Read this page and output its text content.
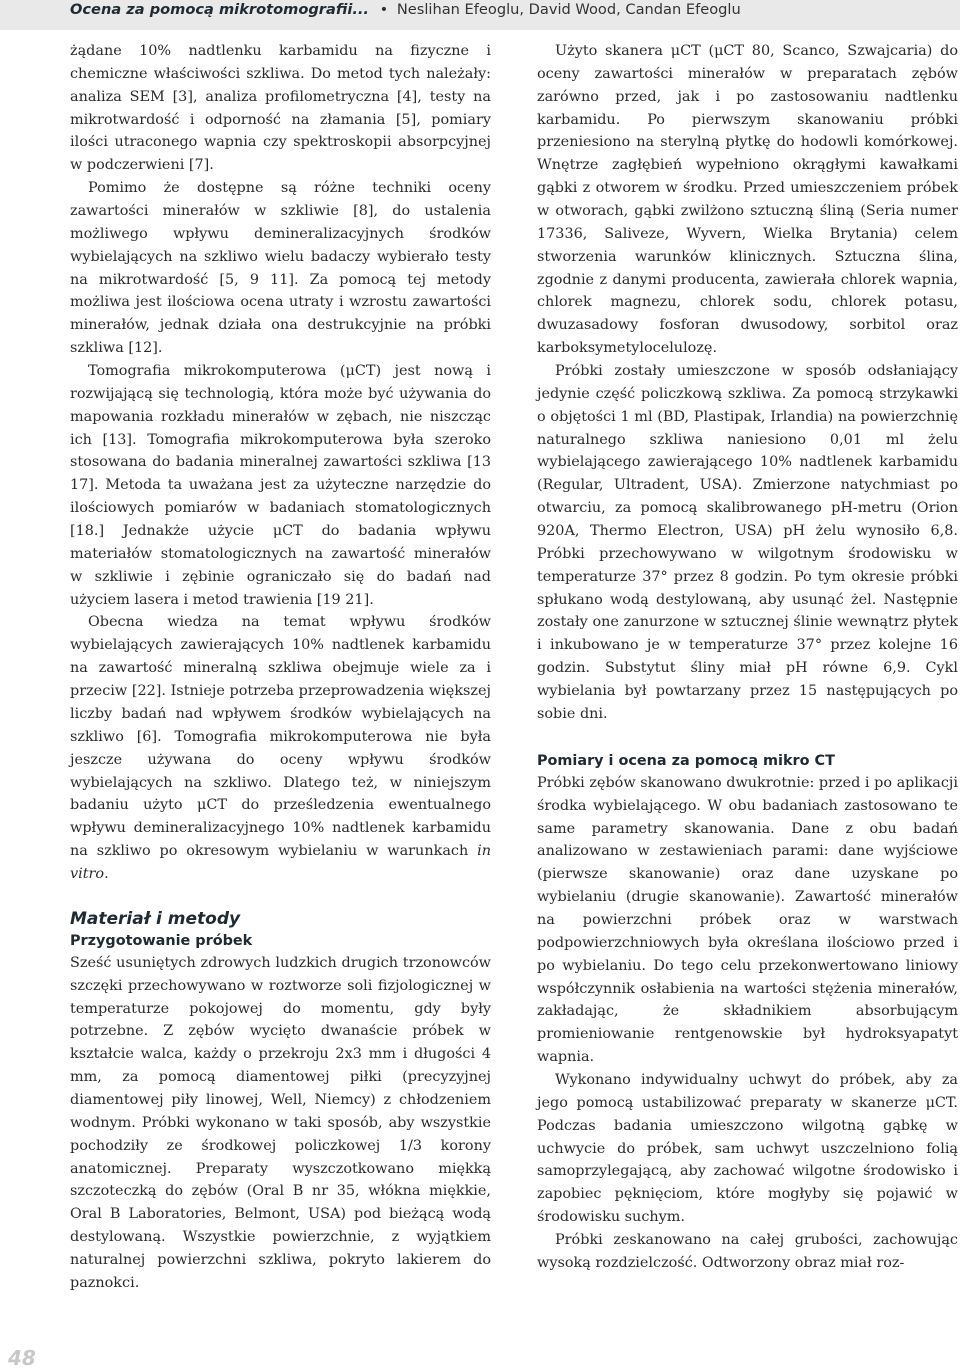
Ocena za pomocą mikrotomografii... • Neslihan Efeoglu, David Wood, Candan Efeoglu

żądane 10% nadtlenku karbamidu na fizyczne i chemiczne właściwości szkliwa. Do metod tych należały: analiza SEM [3], analiza profilometryczna [4], testy na mikrotwardość i odporność na złamania [5], pomiary ilości utraconego wapnia czy spektroskopii absorpcyjnej w podczerwieni [7].

Pomimo że dostępne są różne techniki oceny zawartości minerałów w szkliwie [8], do ustalenia możliwego wpływu demineralizacyjnych środków wybielających na szkliwo wielu badaczy wybierało testy na mikrotwardość [5, 9 11]. Za pomocą tej metody możliwa jest ilościowa ocena utraty i wzrostu zawartości minerałów, jednak działa ona destrukcyjnie na próbki szkliwa [12].

Tomografia mikrokomputerowa (μCT) jest nową i rozwijającą się technologią, która może być używania do mapowania rozkładu minerałów w zębach, nie niszcząc ich [13]. Tomografia mikrokomputerowa była szeroko stosowana do badania mineralnej zawartości szkliwa [13 17]. Metoda ta uważana jest za użyteczne narzędzie do ilościowych pomiarów w badaniach stomatologicznych [18.] Jednakże użycie μCT do badania wpływu materiałów stomatologicznych na zawartość minerałów w szkliwie i zębinie ograniczało się do badań nad użyciem lasera i metod trawienia [19 21].

Obecna wiedza na temat wpływu środków wybielających zawierających 10% nadtlenek karbamidu na zawartość mineralną szkliwa obejmuje wiele za i przeciw [22]. Istnieje potrzeba przeprowadzenia większej liczby badań nad wpływem środków wybielających na szkliwo [6]. Tomografia mikrokomputerowa nie była jeszcze używana do oceny wpływu środków wybielających na szkliwo. Dlatego też, w niniejszym badaniu użyto μCT do prześledzenia ewentualnego wpływu demineralizacyjnego 10% nadtlenek karbamidu na szkliwo po okresowym wybielaniu w warunkach in vitro.

Materiał i metody
Przygotowanie próbek

Sześć usuniętych zdrowych ludzkich drugich trzonowców szczęki przechowywano w roztworze soli fizjologicznej w temperaturze pokojowej do momentu, gdy były potrzebne. Z zębów wycięto dwanaście próbek w kształcie walca, każdy o przekroju 2x3 mm i długości 4 mm, za pomocą diamentowej piłki (precyzyjnej diamentowej piły linowej, Well, Niemcy) z chłodzeniem wodnym. Próbki wykonano w taki sposób, aby wszystkie pochodziły ze środkowej policzkowej 1/3 korony anatomicznej. Preparaty wyszczotkowano miękką szczoteczką do zębów (Oral B nr 35, włókna miękkie, Oral B Laboratories, Belmont, USA) pod bieżącą wodą destylowaną. Wszystkie powierzchnie, z wyjątkiem naturalnej powierzchni szkliwa, pokryto lakierem do paznokci.

Użyto skanera μCT (μCT 80, Scanco, Szwajcaria) do oceny zawartości minerałów w preparatach zębów zarówno przed, jak i po zastosowaniu nadtlenku karbamidu. Po pierwszym skanowaniu próbki przeniesiono na sterylną płytkę do hodowli komórkowej. Wnętrze zagłębień wypełniono okrągłymi kawałkami gąbki z otworem w środku. Przed umieszczeniem próbek w otworach, gąbki zwilżono sztuczną śliną (Seria numer 17336, Saliveze, Wyvern, Wielka Brytania) celem stworzenia warunków klinicznych. Sztuczna ślina, zgodnie z danymi producenta, zawierała chlorek wapnia, chlorek magnezu, chlorek sodu, chlorek potasu, dwuzasadowy fosforan dwusodowy, sorbitol oraz karboksymetylocelulozę.

Próbki zostały umieszczone w sposób odsłaniający jedynie część policzkową szkliwa. Za pomocą strzykawki o objętości 1 ml (BD, Plastipak, Irlandia) na powierzchnię naturalnego szkliwa naniesiono 0,01 ml żelu wybielającego zawierającego 10% nadtlenek karbamidu (Regular, Ultradent, USA). Zmierzone natychmiast po otwarciu, za pomocą skalibrowanego pH-metru (Orion 920A, Thermo Electron, USA) pH żelu wynosiło 6,8. Próbki przechowywano w wilgotnym środowisku w temperaturze 37° przez 8 godzin. Po tym okresie próbki spłukano wodą destylowaną, aby usunąć żel. Następnie zostały one zanurzone w sztucznej ślinie wewnątrz płytek i inkubowano je w temperaturze 37° przez kolejne 16 godzin. Substytut śliny miał pH równe 6,9. Cykl wybielania był powtarzany przez 15 następujących po sobie dni.

Pomiary i ocena za pomocą mikro CT

Próbki zębów skanowano dwukrotnie: przed i po aplikacji środka wybielającego. W obu badaniach zastosowano te same parametry skanowania. Dane z obu badań analizowano w zestawieniach parami: dane wyjściowe (pierwsze skanowanie) oraz dane uzyskane po wybielaniu (drugie skanowanie). Zawartość minerałów na powierzchni próbek oraz w warstwach podpowierzchniowych była określana ilościowo przed i po wybielaniu. Do tego celu przekonwertowano liniowy współczynnik osłabienia na wartości stężenia minerałów, zakładając, że składnikiem absorbującym promieniowanie rentgenowskie był hydroksyapatyt wapnia.

Wykonano indywidualny uchwyt do próbek, aby za jego pomocą ustabilizować preparaty w skanerze μCT. Podczas badania umieszczono wilgotną gąbkę w uchwycie do próbek, sam uchwyt uszczelniono folią samoprzylegającą, aby zachować wilgotne środowisko i zapobiec pęknięciom, które mogłyby się pojawić w środowisku suchym.

Próbki zeskanowano na całej grubości, zachowując wysoką rozdzielczość. Odtworzony obraz miał roz-

48
